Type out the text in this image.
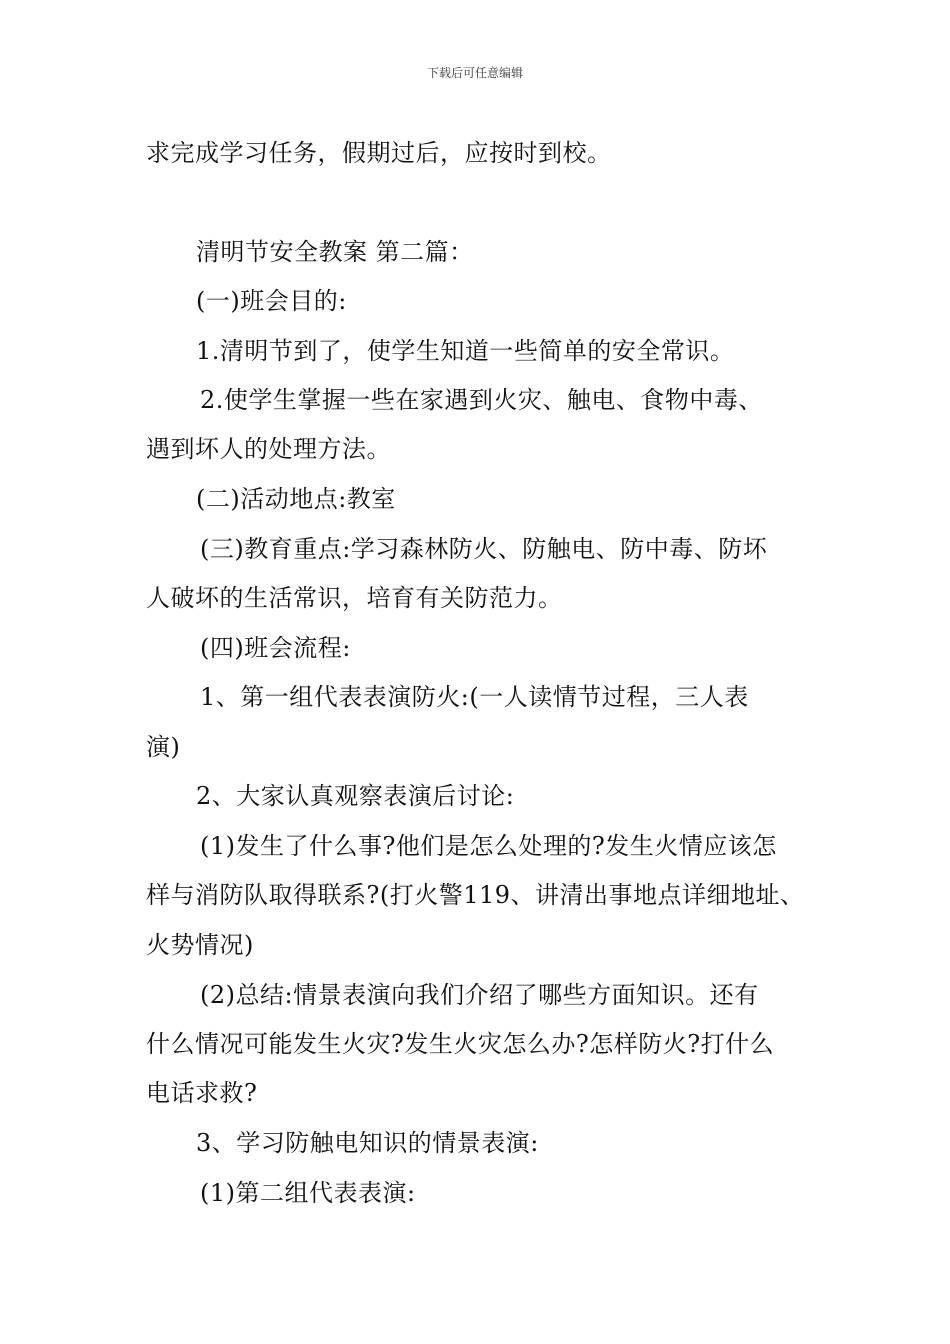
下载后可任意编辑
求完成学习任务，假期过后，应按时到校。
清明节安全教案 第二篇：
(一)班会目的:
1.清明节到了，使学生知道一些简单的安全常识。
2.使学生掌握一些在家遇到火灾、触电、食物中毒、
遇到坏人的处理方法。
(二)活动地点:教室
(三)教育重点:学习森林防火、防触电、防中毒、防坏
人破坏的生活常识，培育有关防范力。
(四)班会流程:
1、第一组代表表演防火:(一人读情节过程，三人表
演)
2、大家认真观察表演后讨论:
(1)发生了什么事?他们是怎么处理的?发生火情应该怎
样与消防队取得联系?(打火警119、讲清出事地点详细地址、
火势情况)
(2)总结:情景表演向我们介绍了哪些方面知识。还有
什么情况可能发生火灾?发生火灾怎么办?怎样防火?打什么
电话求救?
3、学习防触电知识的情景表演:
(1)第二组代表表演:
